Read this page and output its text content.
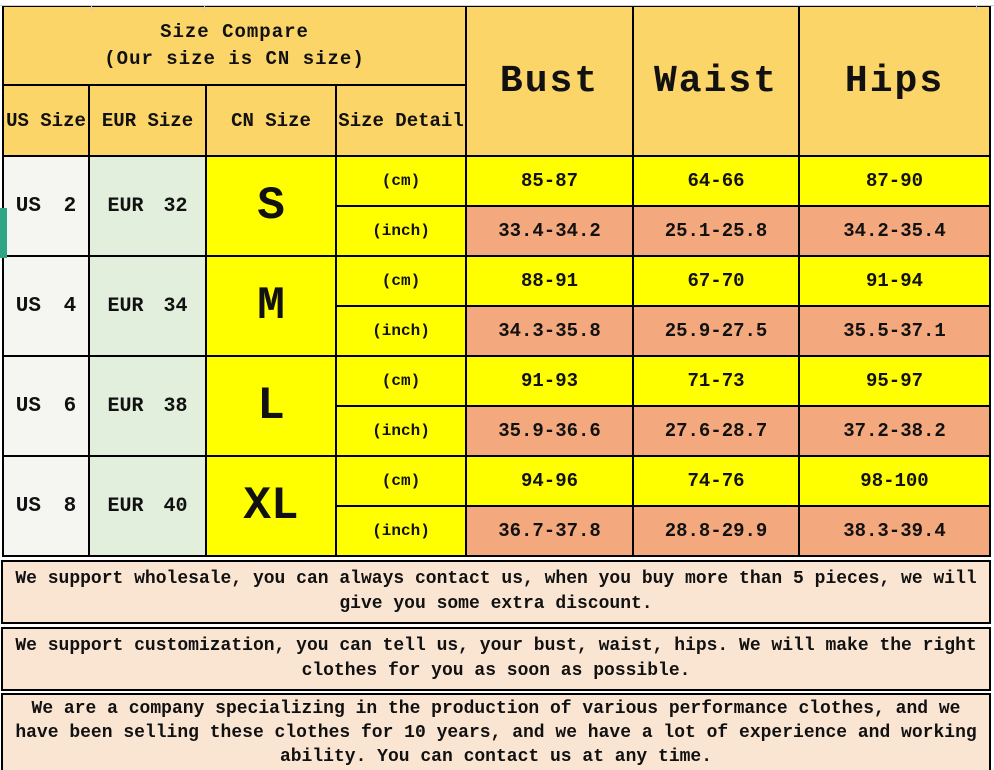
Size Compare
(Our size is CN size)				Bust	Waist	Hips
US Size	EUR Size	CN Size	Size Detail			
US 2	EUR 32	S	(cm)	85-87	64-66	87-90
			(inch)	33.4-34.2	25.1-25.8	34.2-35.4
US 4	EUR 34	M	(cm)	88-91	67-70	91-94
			(inch)	34.3-35.8	25.9-27.5	35.5-37.1
US 6	EUR 38	L	(cm)	91-93	71-73	95-97
			(inch)	35.9-36.6	27.6-28.7	37.2-38.2
US 8	EUR 40	XL	(cm)	94-96	74-76	98-100
			(inch)	36.7-37.8	28.8-29.9	38.3-39.4
We support wholesale, you can always contact us, when you buy more than 5 pieces, we will give you some extra discount.
We support customization, you can tell us, your bust, waist, hips. We will make the right clothes for you as soon as possible.
We are a company specializing in the production of various performance clothes, and we have been selling these clothes for 10 years, and we have a lot of experience and working ability. You can contact us at any time.
